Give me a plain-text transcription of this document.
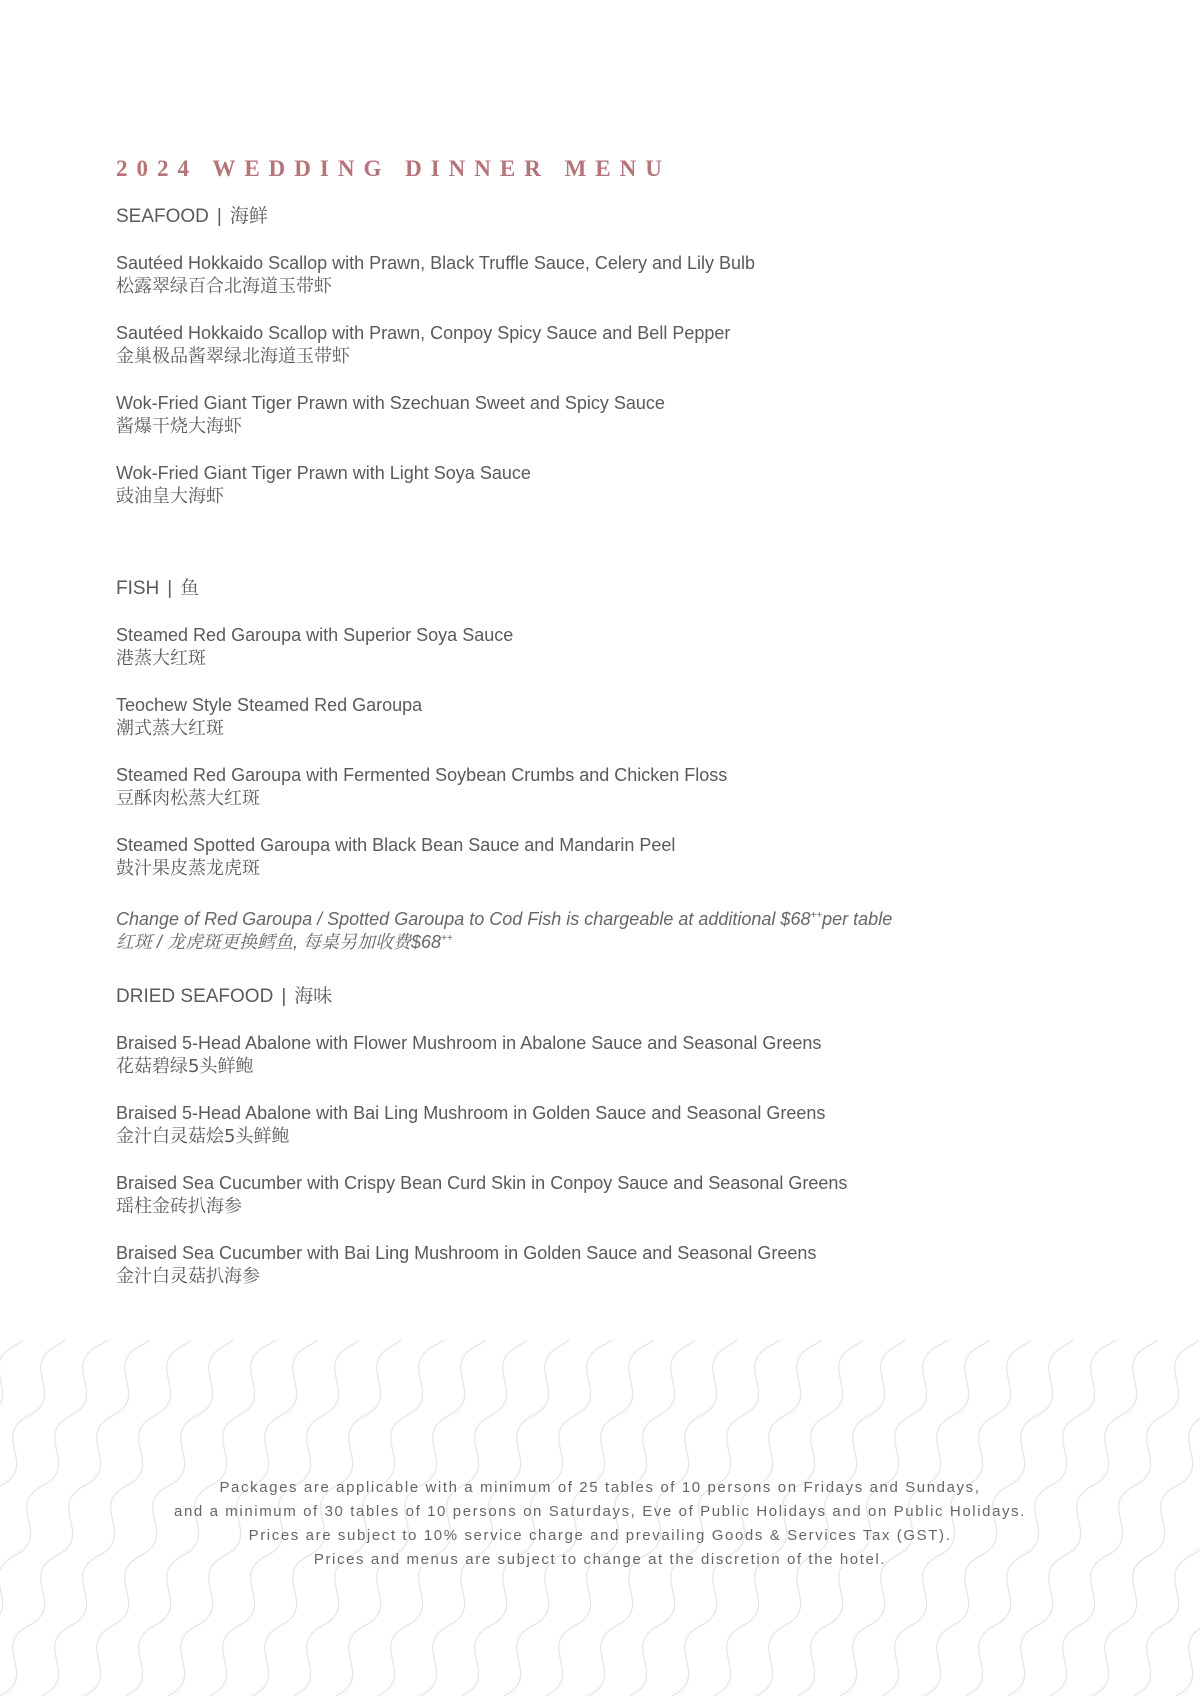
2024 WEDDING DINNER MENU
SEAFOOD | 海鲜
Sautéed Hokkaido Scallop with Prawn, Black Truffle Sauce, Celery and Lily Bulb
松露翠绿百合北海道玉带虾
Sautéed Hokkaido Scallop with Prawn, Conpoy Spicy Sauce and Bell Pepper
金巢极品酱翠绿北海道玉带虾
Wok-Fried Giant Tiger Prawn with Szechuan Sweet and Spicy Sauce
酱爆干烧大海虾
Wok-Fried Giant Tiger Prawn with Light Soya Sauce
豉油皇大海虾
FISH | 鱼
Steamed Red Garoupa with Superior Soya Sauce
港蒸大红斑
Teochew Style Steamed Red Garoupa
潮式蒸大红斑
Steamed Red Garoupa with Fermented Soybean Crumbs and Chicken Floss
豆酥肉松蒸大红斑
Steamed Spotted Garoupa with Black Bean Sauce and Mandarin Peel
鼓汁果皮蒸龙虎斑
Change of Red Garoupa / Spotted Garoupa to Cod Fish is chargeable at additional $68++per table
红斑 / 龙虎斑更换鳕鱼, 每桌另加收费$68++
DRIED SEAFOOD | 海味
Braised 5-Head Abalone with Flower Mushroom in Abalone Sauce and Seasonal Greens
花菇碧绿5头鲜鲍
Braised 5-Head Abalone with Bai Ling Mushroom in Golden Sauce and Seasonal Greens
金汁白灵菇烩5头鲜鲍
Braised Sea Cucumber with Crispy Bean Curd Skin in Conpoy Sauce and Seasonal Greens
瑶柱金砖扒海参
Braised Sea Cucumber with Bai Ling Mushroom in Golden Sauce and Seasonal Greens
金汁白灵菇扒海参
Packages are applicable with a minimum of 25 tables of 10 persons on Fridays and Sundays,
and a minimum of 30 tables of 10 persons on Saturdays, Eve of Public Holidays and on Public Holidays.
Prices are subject to 10% service charge and prevailing Goods & Services Tax (GST).
Prices and menus are subject to change at the discretion of the hotel.
